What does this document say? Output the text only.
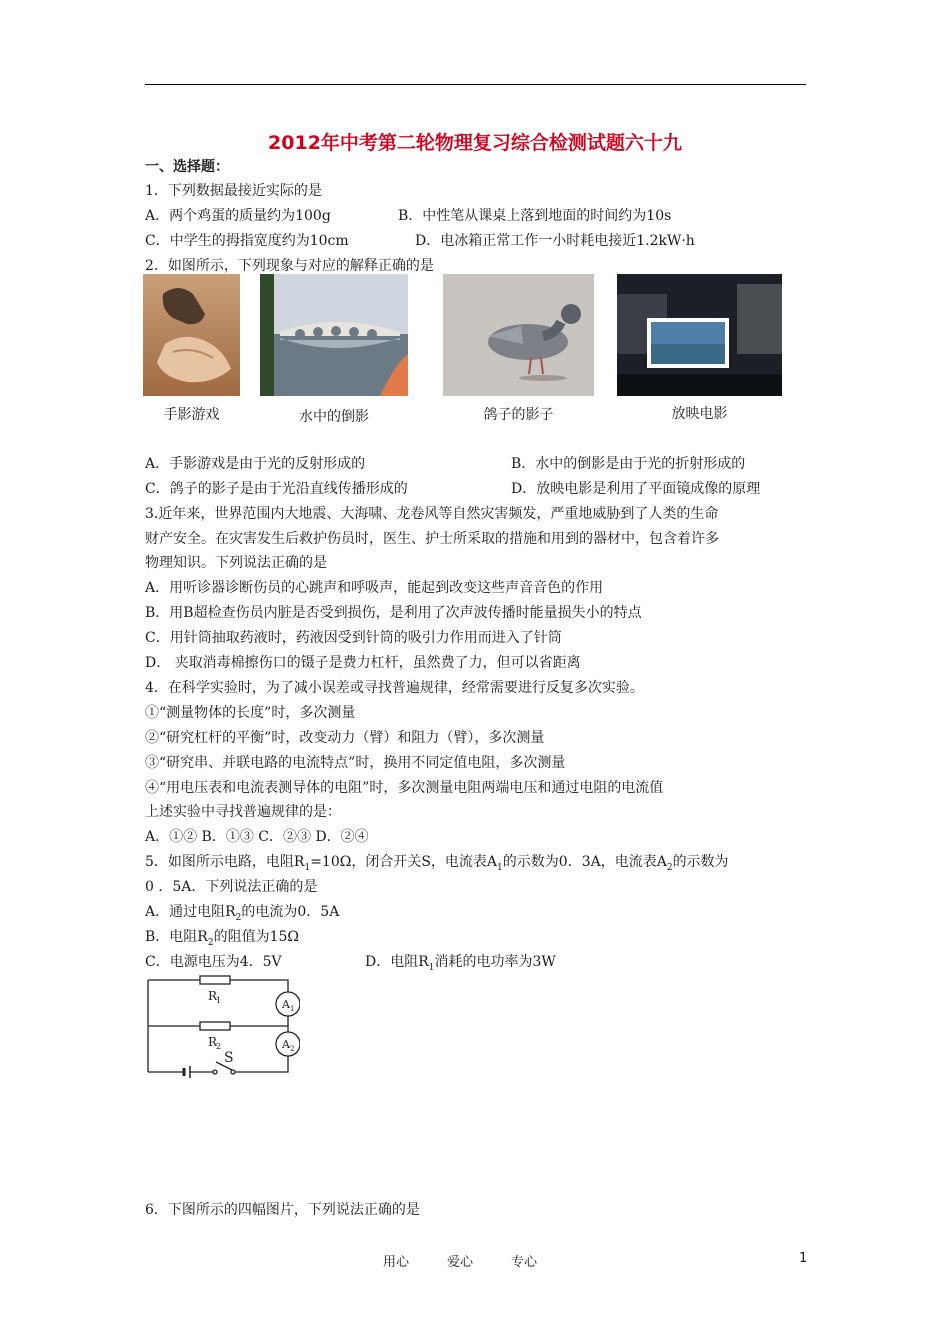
2012年中考第二轮物理复习综合检测试题六十九
一、选择题：
1．下列数据最接近实际的是
A．两个鸡蛋的质量约为100g	B．中性笔从课桌上落到地面的时间约为10s
C．中学生的拇指宽度约为10cm	D．电冰箱正常工作一小时耗电接近1.2kW·h
2．如图所示，下列现象与对应的解释正确的是
手影游戏	水中的倒影	鸽子的影子	放映电影
A．手影游戏是由于光的反射形成的	B．水中的倒影是由于光的折射形成的
C．鸽子的影子是由于光沿直线传播形成的	D．放映电影是利用了平面镜成像的原理
3.近年来，世界范围内大地震、大海啸、龙卷风等自然灾害频发，严重地威胁到了人类的生命
财产安全。在灾害发生后救护伤员时，医生、护士所采取的措施和用到的器材中，包含着许多
物理知识。下列说法正确的是
A．用听诊器诊断伤员的心跳声和呼吸声，能起到改变这些声音音色的作用
B．用B超检查伤员内脏是否受到损伤，是利用了次声波传播时能量损失小的特点
C．用针筒抽取药液时，药液因受到针筒的吸引力作用而进入了针筒
D． 夹取消毒棉擦伤口的镊子是费力杠杆，虽然费了力，但可以省距离
4．在科学实验时，为了减小误差或寻找普遍规律，经常需要进行反复多次实验。
①“测量物体的长度”时，多次测量
②“研究杠杆的平衡”时，改变动力（臂）和阻力（臂），多次测量
③“研究串、并联电路的电流特点”时，换用不同定值电阻，多次测量
④“用电压表和电流表测导体的电阻”时，多次测量电阻两端电压和通过电阻的电流值
上述实验中寻找普遍规律的是：
A．①② B．①③ C．②③ D．②④
5．如图所示电路，电阻$R_1=10\Omega$，闭合开关S，电流表$A_1$的示数为0．3A，电流表$A_2$的示数为
0 ．5A．下列说法正确的是
A．通过电阻$R_2$的电流为0．5A
B．电阻$R_2$的阻值为15Ω
C．电源电压为4．5V	D．电阻$R_1$消耗的电功率为3W
R
1
R
2
A 1
A 2
S
6．下图所示的四幅图片，下列说法正确的是
用心	爱心	专心	1
